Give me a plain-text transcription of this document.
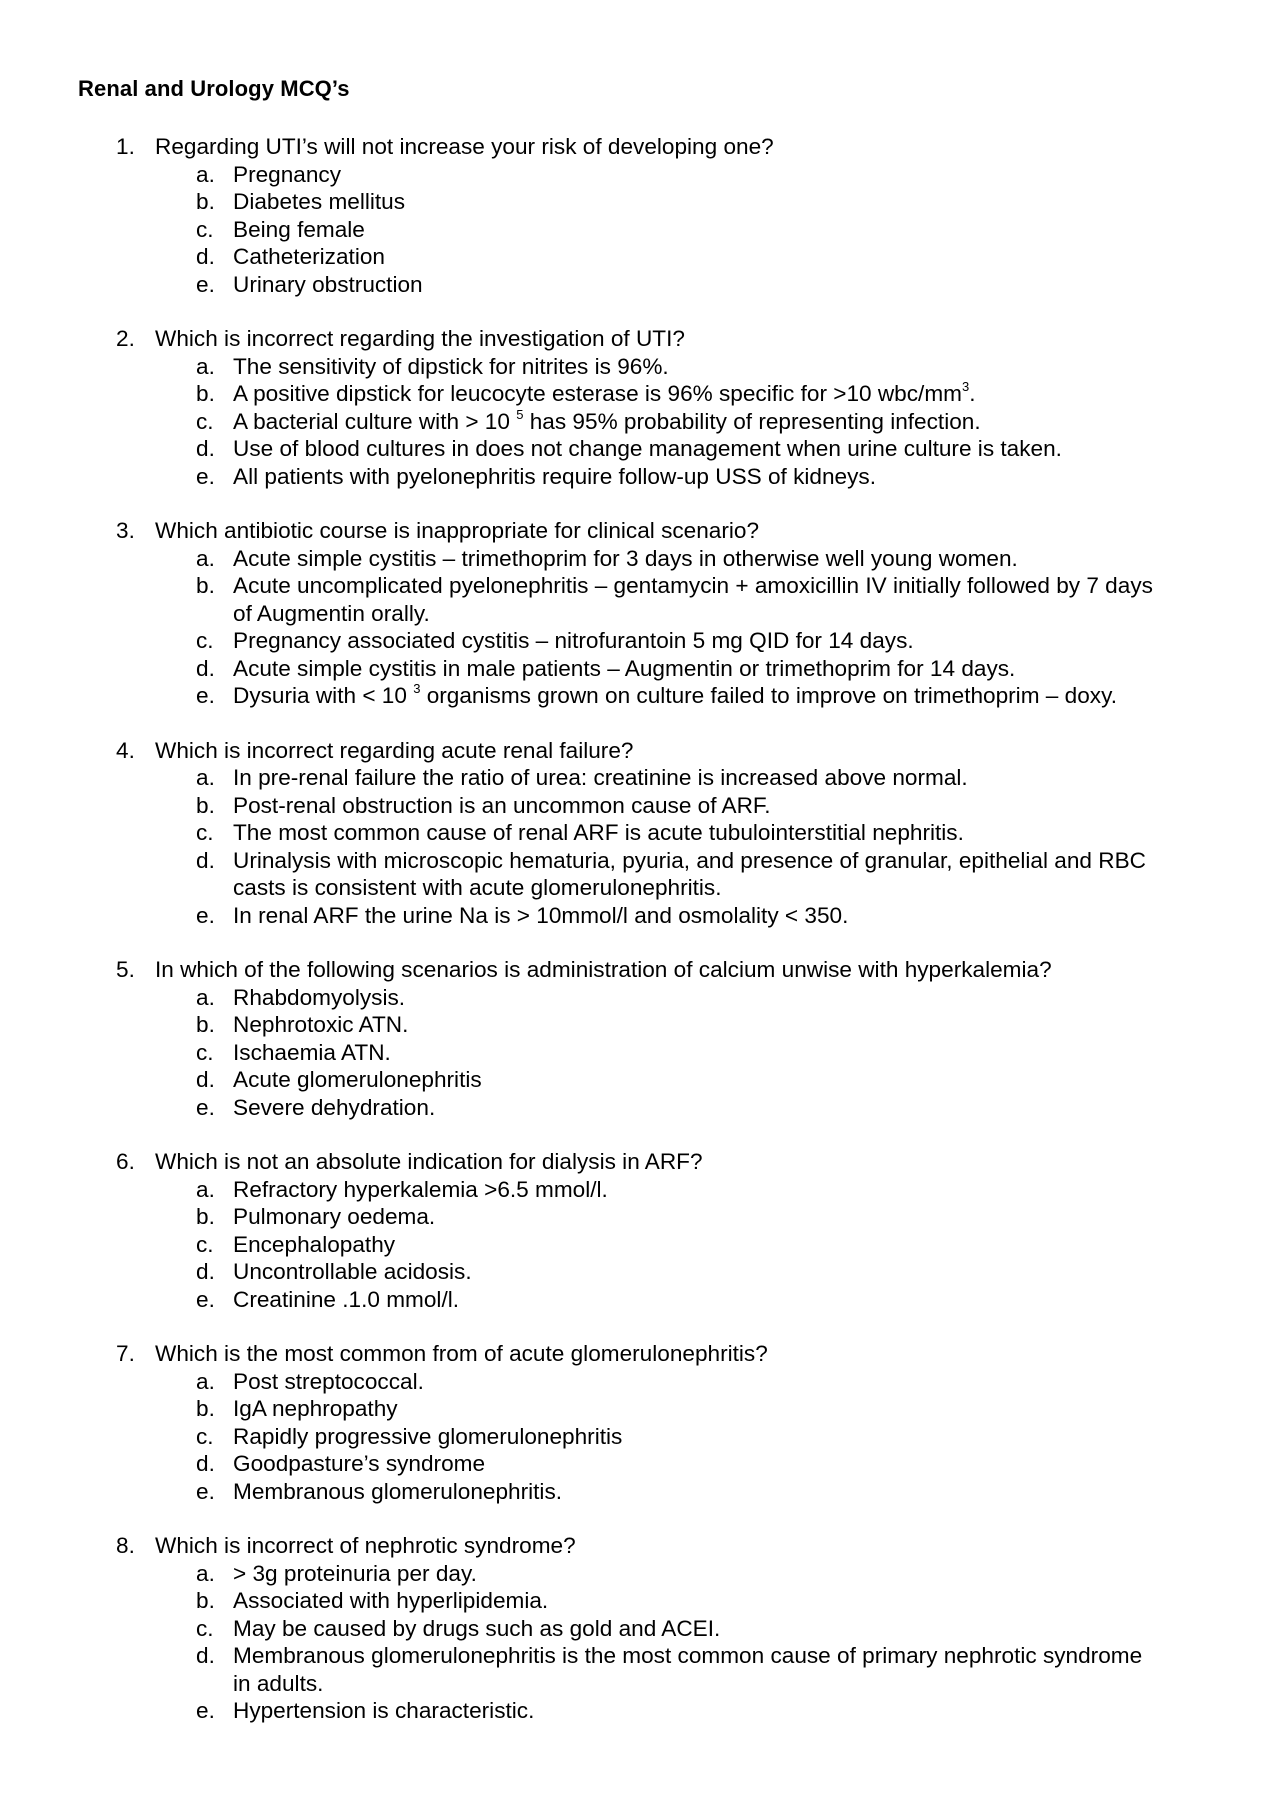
Renal and Urology MCQ’s
1. Regarding UTI’s will not increase your risk of developing one?
a. Pregnancy
b. Diabetes mellitus
c. Being female
d. Catheterization
e. Urinary obstruction
2. Which is incorrect regarding the investigation of UTI?
a. The sensitivity of dipstick for nitrites is 96%.
b. A positive dipstick for leucocyte esterase is 96% specific for >10 wbc/$mm^3$.
c. A bacterial culture with > 10 $^5$ has 95% probability of representing infection.
d. Use of blood cultures in does not change management when urine culture is taken.
e. All patients with pyelonephritis require follow-up USS of kidneys.
3. Which antibiotic course is inappropriate for clinical scenario?
a. Acute simple cystitis – trimethoprim for 3 days in otherwise well young women.
b. Acute uncomplicated pyelonephritis – gentamycin + amoxicillin IV initially followed by 7 days
of Augmentin orally.
c. Pregnancy associated cystitis – nitrofurantoin 5 mg QID for 14 days.
d. Acute simple cystitis in male patients – Augmentin or trimethoprim for 14 days.
e. Dysuria with < 10 $^3$ organisms grown on culture failed to improve on trimethoprim – doxy.
4. Which is incorrect regarding acute renal failure?
a. In pre-renal failure the ratio of urea: creatinine is increased above normal.
b. Post-renal obstruction is an uncommon cause of ARF.
c. The most common cause of renal ARF is acute tubulointerstitial nephritis.
d. Urinalysis with microscopic hematuria, pyuria, and presence of granular, epithelial and RBC
casts is consistent with acute glomerulonephritis.
e. In renal ARF the urine Na is > 10mmol/l and osmolality < 350.
5. In which of the following scenarios is administration of calcium unwise with hyperkalemia?
a. Rhabdomyolysis.
b. Nephrotoxic ATN.
c. Ischaemia ATN.
d. Acute glomerulonephritis
e. Severe dehydration.
6. Which is not an absolute indication for dialysis in ARF?
a. Refractory hyperkalemia >6.5 mmol/l.
b. Pulmonary oedema.
c. Encephalopathy
d. Uncontrollable acidosis.
e. Creatinine .1.0 mmol/l.
7. Which is the most common from of acute glomerulonephritis?
a. Post streptococcal.
b. IgA nephropathy
c. Rapidly progressive glomerulonephritis
d. Goodpasture’s syndrome
e. Membranous glomerulonephritis.
8. Which is incorrect of nephrotic syndrome?
a. > 3g proteinuria per day.
b. Associated with hyperlipidemia.
c. May be caused by drugs such as gold and ACEI.
d. Membranous glomerulonephritis is the most common cause of primary nephrotic syndrome
in adults.
e. Hypertension is characteristic.
